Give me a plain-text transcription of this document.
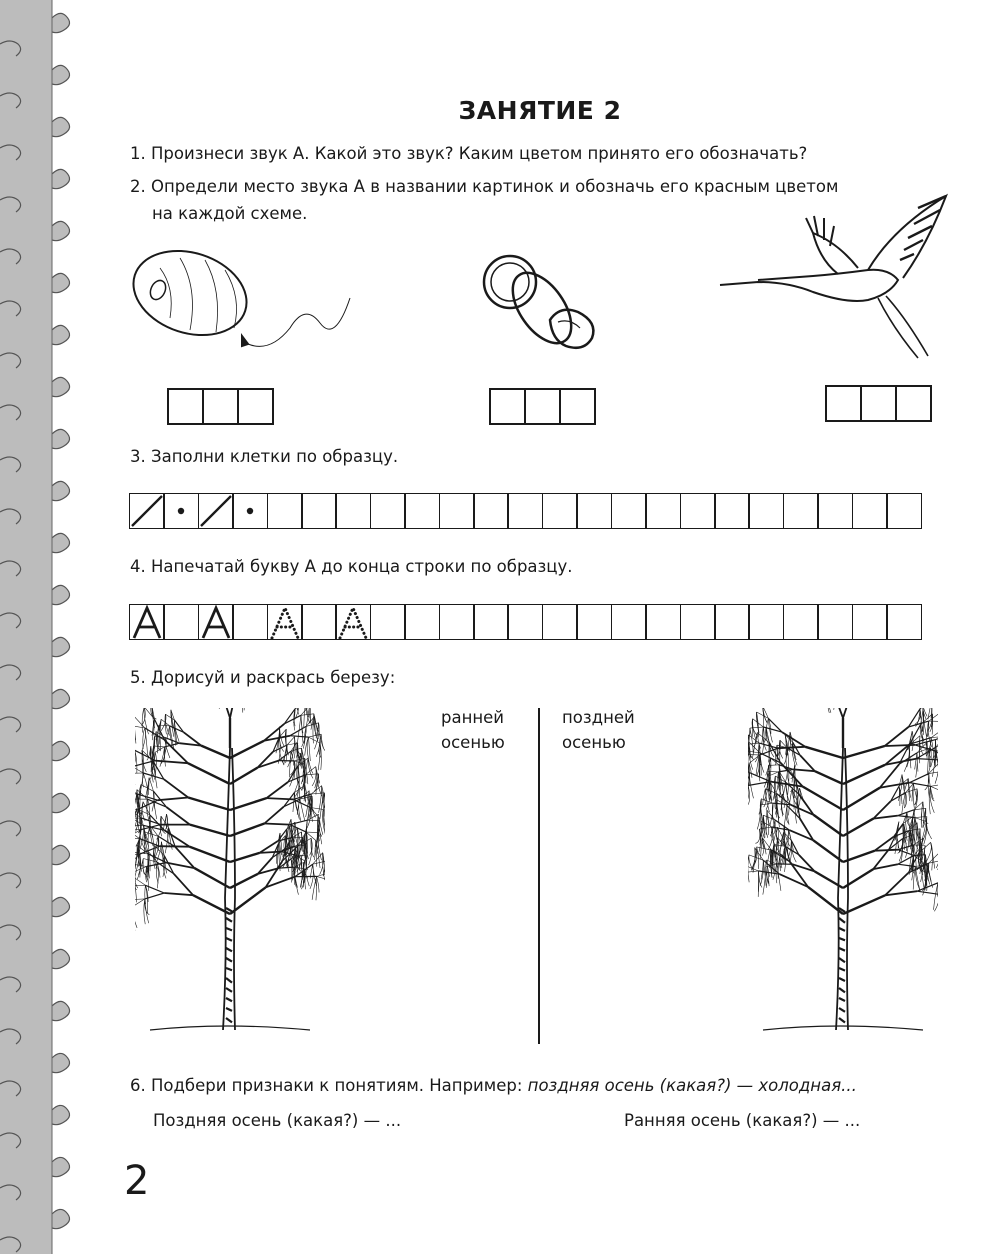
ЗАНЯТИЕ 2
1. Произнеси звук А. Какой это звук? Каким цветом принято его обозначать?
2. Определи место звука А в названии картинок и обозначь его красным цветом
на каждой схеме.
3. Заполни клетки по образцу.
4. Напечатай букву А до конца строки по образцу.
5. Дорисуй и раскрась березу:
ранней
осенью
поздней
осенью
6. Подбери признаки к понятиям. Например: поздняя осень (какая?) — холодная...
Поздняя осень (какая?) — ...	Ранняя осень (какая?) — ...
2
